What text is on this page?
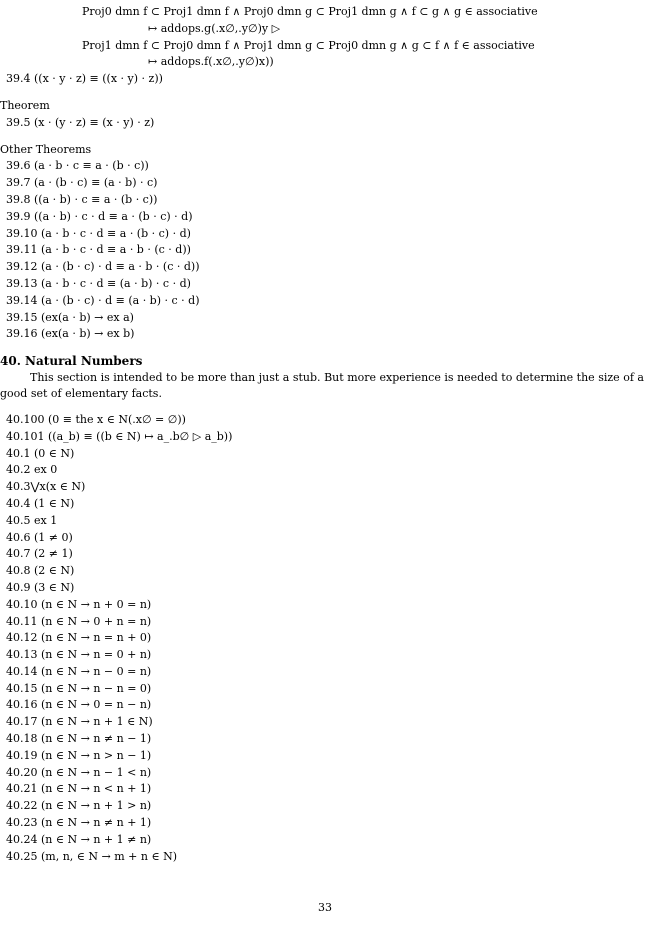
Proj0 dmn f ⊂ Proj1 dmn f ∧ Proj0 dmn g ⊂ Proj1 dmn g ∧ f ⊂ g ∧ g ∈ associative
↦ addops.g(.x∅,.y∅)y ▷
Proj1 dmn f ⊂ Proj0 dmn f ∧ Proj1 dmn g ⊂ Proj0 dmn g ∧ g ⊂ f ∧ f ∈ associative
↦ addops.f(.x∅,.y∅)x))
39.4 ((x · y · z) ≡ ((x · y) · z))
Theorem
39.5 (x · (y · z) ≡ (x · y) · z)
Other Theorems
39.6 (a · b · c ≡ a · (b · c))
39.7 (a · (b · c) ≡ (a · b) · c)
39.8 ((a · b) · c ≡ a · (b · c))
39.9 ((a · b) · c · d ≡ a · (b · c) · d)
39.10 (a · b · c · d ≡ a · (b · c) · d)
39.11 (a · b · c · d ≡ a · b · (c · d))
39.12 (a · (b · c) · d ≡ a · b · (c · d))
39.13 (a · b · c · d ≡ (a · b) · c · d)
39.14 (a · (b · c) · d ≡ (a · b) · c · d)
39.15 (ex(a · b) → ex a)
39.16 (ex(a · b) → ex b)
40. Natural Numbers

This section is intended to be more than just a stub. But more experience is needed to determine the size of a good set of elementary facts.

40.100 (0 ≡ the x ∈ N(.x∅ = ∅))
40.101 ((a_b) ≡ ((b ∈ N) ↦ a_.b∅ ▷ a_b))
40.1 (0 ∈ N)
40.2 ex 0
40.3⋁x(x ∈ N)
40.4 (1 ∈ N)
40.5 ex 1
40.6 (1 ≠ 0)
40.7 (2 ≠ 1)
40.8 (2 ∈ N)
40.9 (3 ∈ N)
40.10 (n ∈ N → n + 0 = n)
40.11 (n ∈ N → 0 + n = n)
40.12 (n ∈ N → n = n + 0)
40.13 (n ∈ N → n = 0 + n)
40.14 (n ∈ N → n − 0 = n)
40.15 (n ∈ N → n − n = 0)
40.16 (n ∈ N → 0 = n − n)
40.17 (n ∈ N → n + 1 ∈ N)
40.18 (n ∈ N → n ≠ n − 1)
40.19 (n ∈ N → n > n − 1)
40.20 (n ∈ N → n − 1 < n)
40.21 (n ∈ N → n < n + 1)
40.22 (n ∈ N → n + 1 > n)
40.23 (n ∈ N → n ≠ n + 1)
40.24 (n ∈ N → n + 1 ≠ n)
40.25 (m, n, ∈ N → m + n ∈ N)
33
